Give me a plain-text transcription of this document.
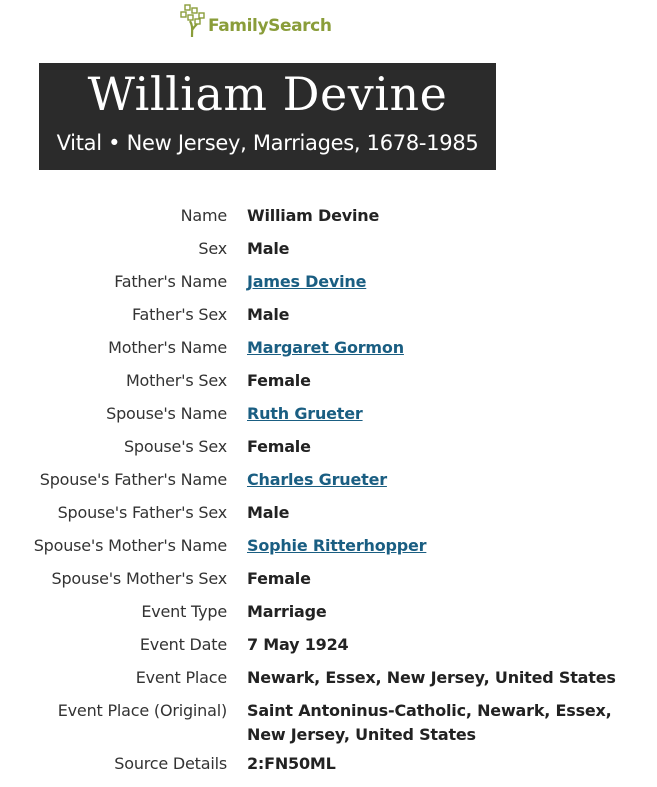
FamilySearch
William Devine
Vital • New Jersey, Marriages, 1678-1985
Name William Devine
Sex Male
Father's Name James Devine
Father's Sex Male
Mother's Name Margaret Gormon
Mother's Sex Female
Spouse's Name Ruth Grueter
Spouse's Sex Female
Spouse's Father's Name Charles Grueter
Spouse's Father's Sex Male
Spouse's Mother's Name Sophie Ritterhopper
Spouse's Mother's Sex Female
Event Type Marriage
Event Date 7 May 1924
Event Place Newark, Essex, New Jersey, United States
Event Place (Original) Saint Antoninus-Catholic, Newark, Essex, New Jersey, United States
Source Details 2:FN50ML
